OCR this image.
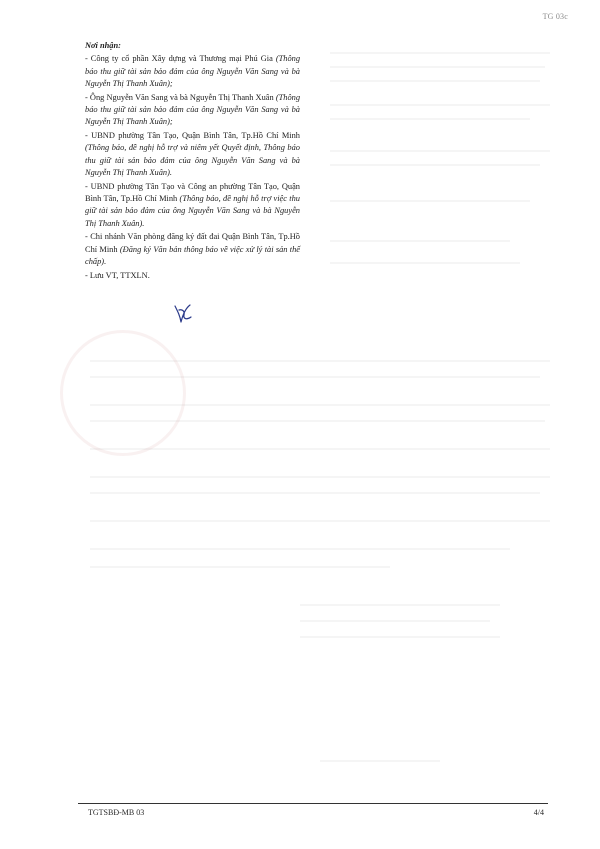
TG 03c
Nơi nhận:
- Công ty cổ phần Xây dựng và Thương mại Phú Gia (Thông báo thu giữ tài sản bảo đảm của ông Nguyễn Văn Sang và bà Nguyễn Thị Thanh Xuân);
- Ông Nguyễn Văn Sang và bà Nguyễn Thị Thanh Xuân (Thông báo thu giữ tài sản bảo đảm của ông Nguyễn Văn Sang và bà Nguyễn Thị Thanh Xuân);
- UBND phường Tân Tạo, Quận Bình Tân, Tp.Hồ Chí Minh (Thông báo, đề nghị hỗ trợ và niêm yết Quyết định, Thông báo thu giữ tài sản bảo đảm của ông Nguyễn Văn Sang và bà Nguyễn Thị Thanh Xuân).
- UBND phường Tân Tạo và Công an phường Tân Tạo, Quận Bình Tân, Tp.Hồ Chí Minh (Thông báo, đề nghị hỗ trợ việc thu giữ tài sản bảo đảm của ông Nguyễn Văn Sang và bà Nguyễn Thị Thanh Xuân).
- Chi nhánh Văn phòng đăng ký đất đai Quận Bình Tân, Tp.Hồ Chí Minh (Đăng ký Văn bản thông báo về việc xử lý tài sản thế chấp).
- Lưu VT, TTXLN.
TGTSBĐ-MB 03	4/4
